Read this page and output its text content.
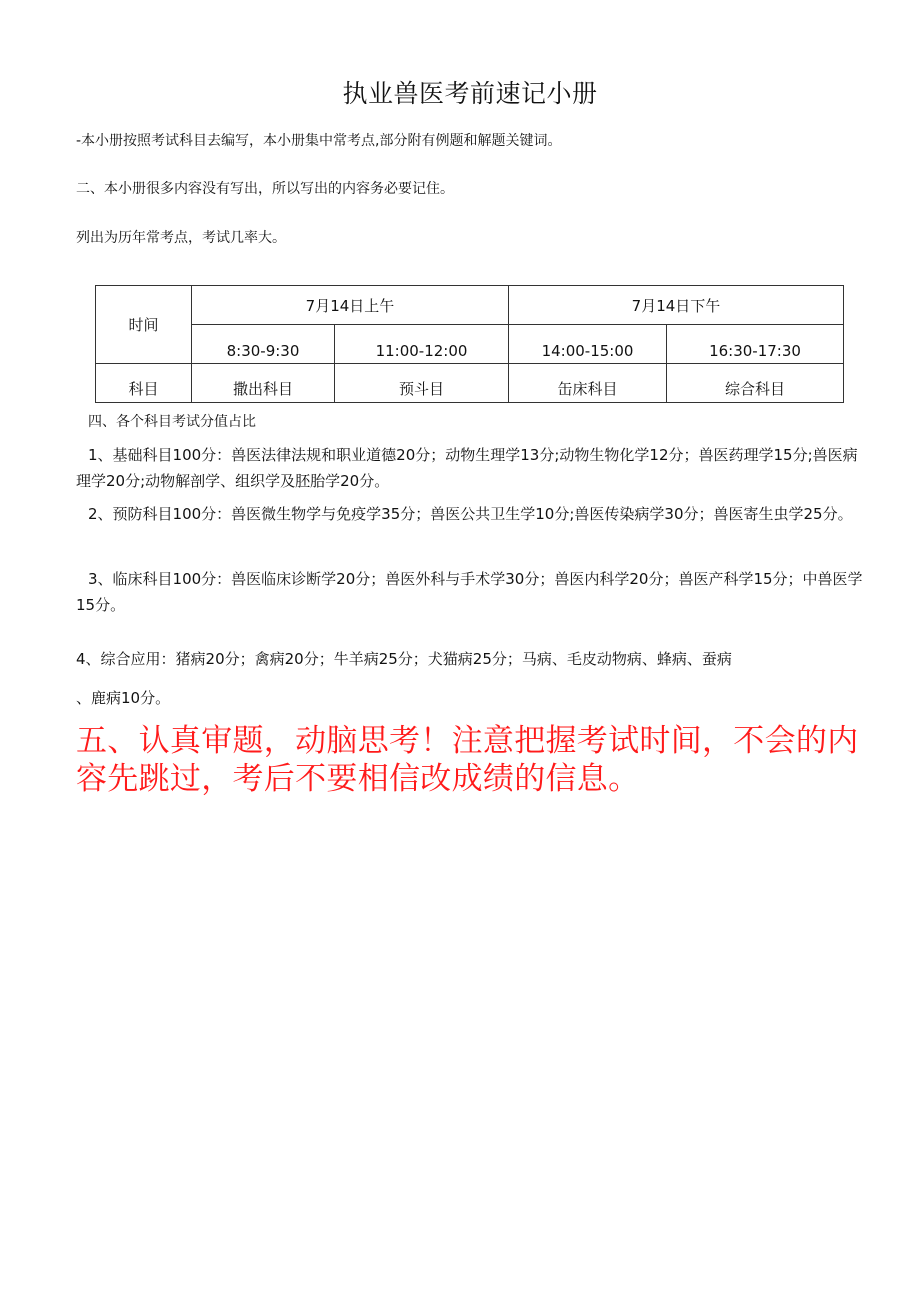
执业兽医考前速记小册
-本小册按照考试科目去编写，本小册集中常考点,部分附有例题和解题关键词。
二、本小册很多内容没有写出，所以写出的内容务必要记住。
列出为历年常考点，考试几率大。
时间	7月14日上午		7月14日下午	
	8:30-9:30	11:00-12:00	14:00-15:00	16:30-17:30
科目	撒出科目	预斗目	缶床科目	综合科目
四、各个科目考试分值占比
1、基础科目100分：兽医法律法规和职业道德20分；动物生理学13分;动物生物化学12分；兽医药理学15分;兽医病理学20分;动物解剖学、组织学及胚胎学20分。
2、预防科目100分：兽医微生物学与免疫学35分；兽医公共卫生学10分;兽医传染病学30分；兽医寄生虫学25分。
3、临床科目100分：兽医临床诊断学20分；兽医外科与手术学30分；兽医内科学20分；兽医产科学15分；中兽医学15分。
4、综合应用：猪病20分；禽病20分；牛羊病25分；犬猫病25分；马病、毛皮动物病、蜂病、蚕病
、鹿病10分。
五、认真审题，动脑思考！注意把握考试时间，不会的内容先跳过，考后不要相信改成绩的信息。
